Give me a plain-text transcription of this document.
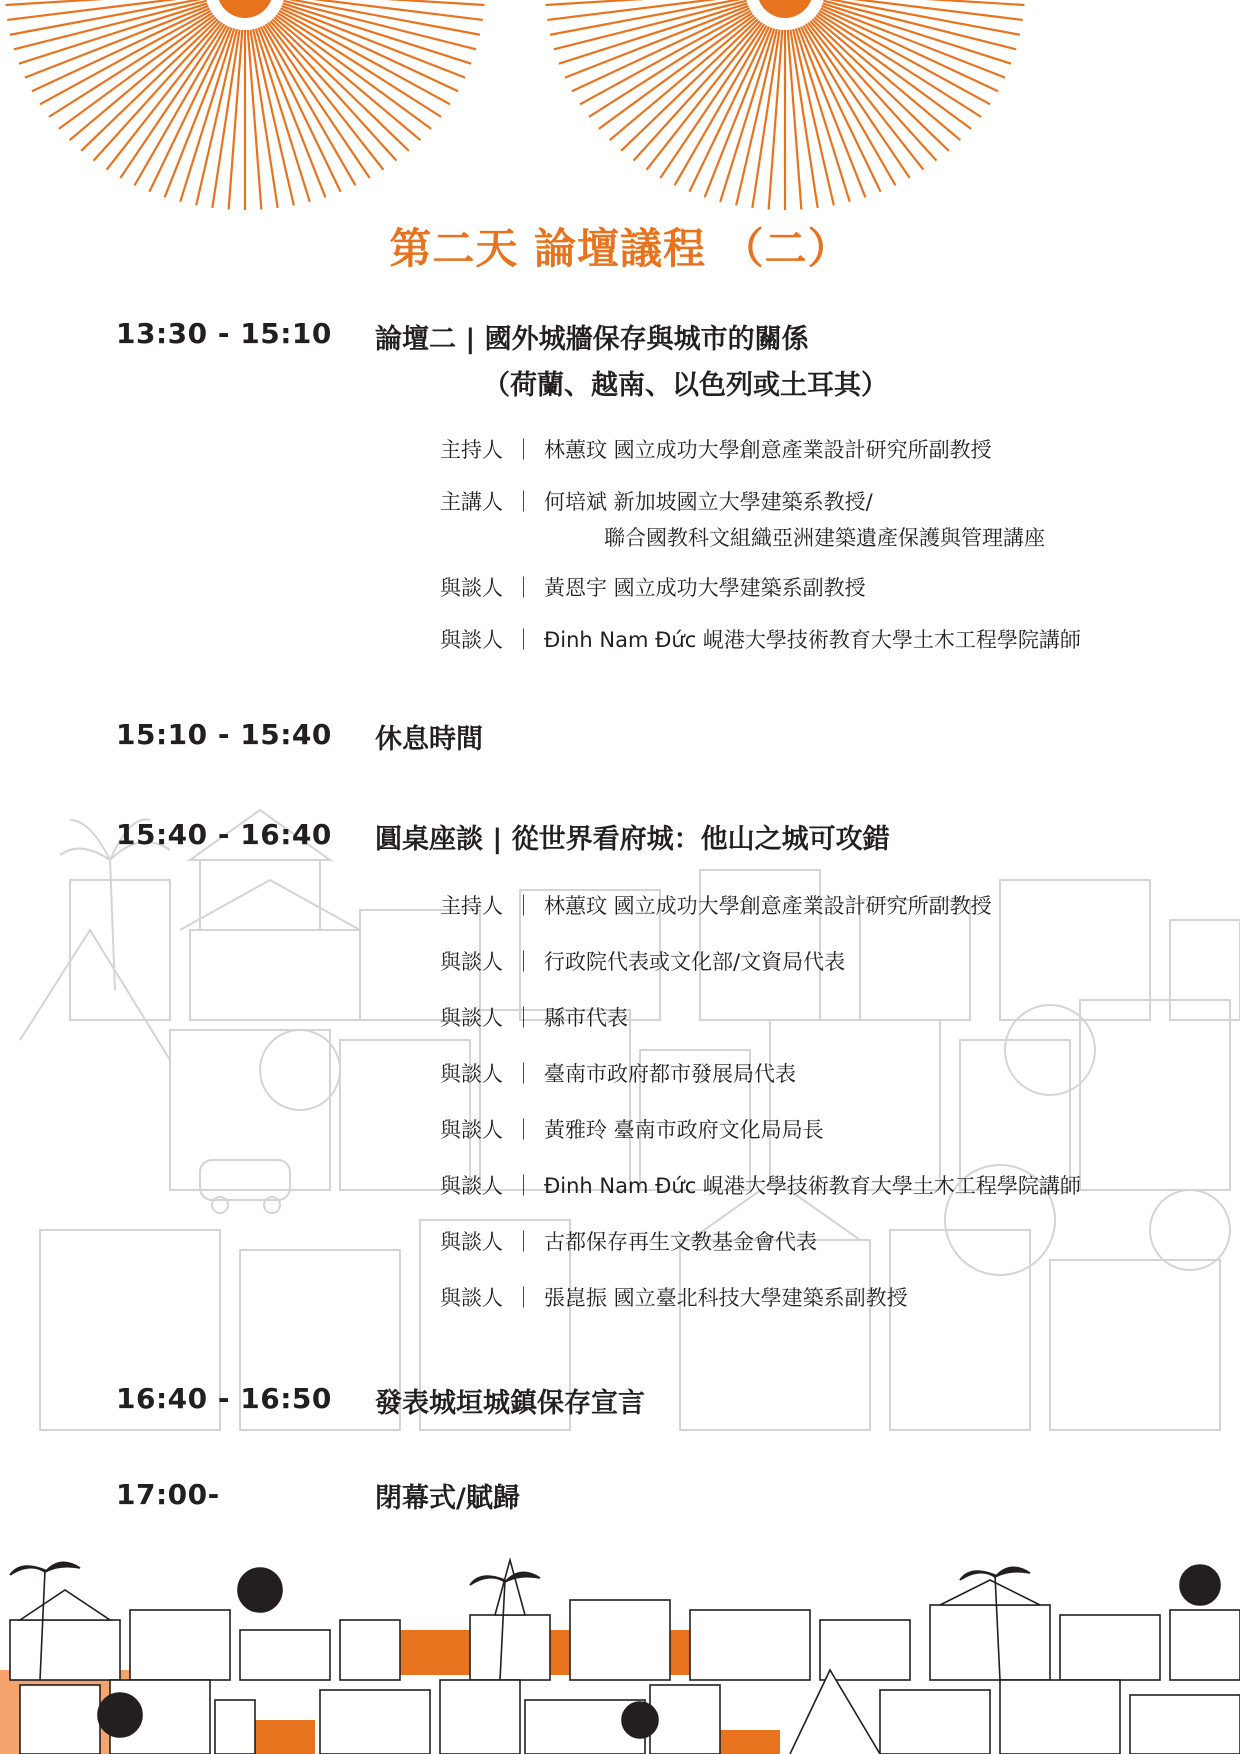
第二天 論壇議程 （二）
13:30 - 15:10 論壇二 | 國外城牆保存與城市的關係
（荷蘭、越南、以色列或土耳其）
主持人 ｜ 林蕙玟 國立成功大學創意產業設計研究所副教授
主講人 ｜ 何培斌 新加坡國立大學建築系教授/
聯合國教科文組織亞洲建築遺產保護與管理講座
與談人 ｜ 黃恩宇 國立成功大學建築系副教授
與談人 ｜ Đinh Nam Đức 峴港大學技術教育大學土木工程學院講師
15:10 - 15:40 休息時間
15:40 - 16:40 圓桌座談 | 從世界看府城：他山之城可攻錯
主持人 ｜ 林蕙玟 國立成功大學創意產業設計研究所副教授
與談人 ｜ 行政院代表或文化部/文資局代表
與談人 ｜ 縣市代表
與談人 ｜ 臺南市政府都市發展局代表
與談人 ｜ 黃雅玲 臺南市政府文化局局長
與談人 ｜ Đinh Nam Đức 峴港大學技術教育大學土木工程學院講師
與談人 ｜ 古都保存再生文教基金會代表
與談人 ｜ 張崑振 國立臺北科技大學建築系副教授
16:40 - 16:50 發表城垣城鎮保存宣言
17:00-	閉幕式/賦歸
